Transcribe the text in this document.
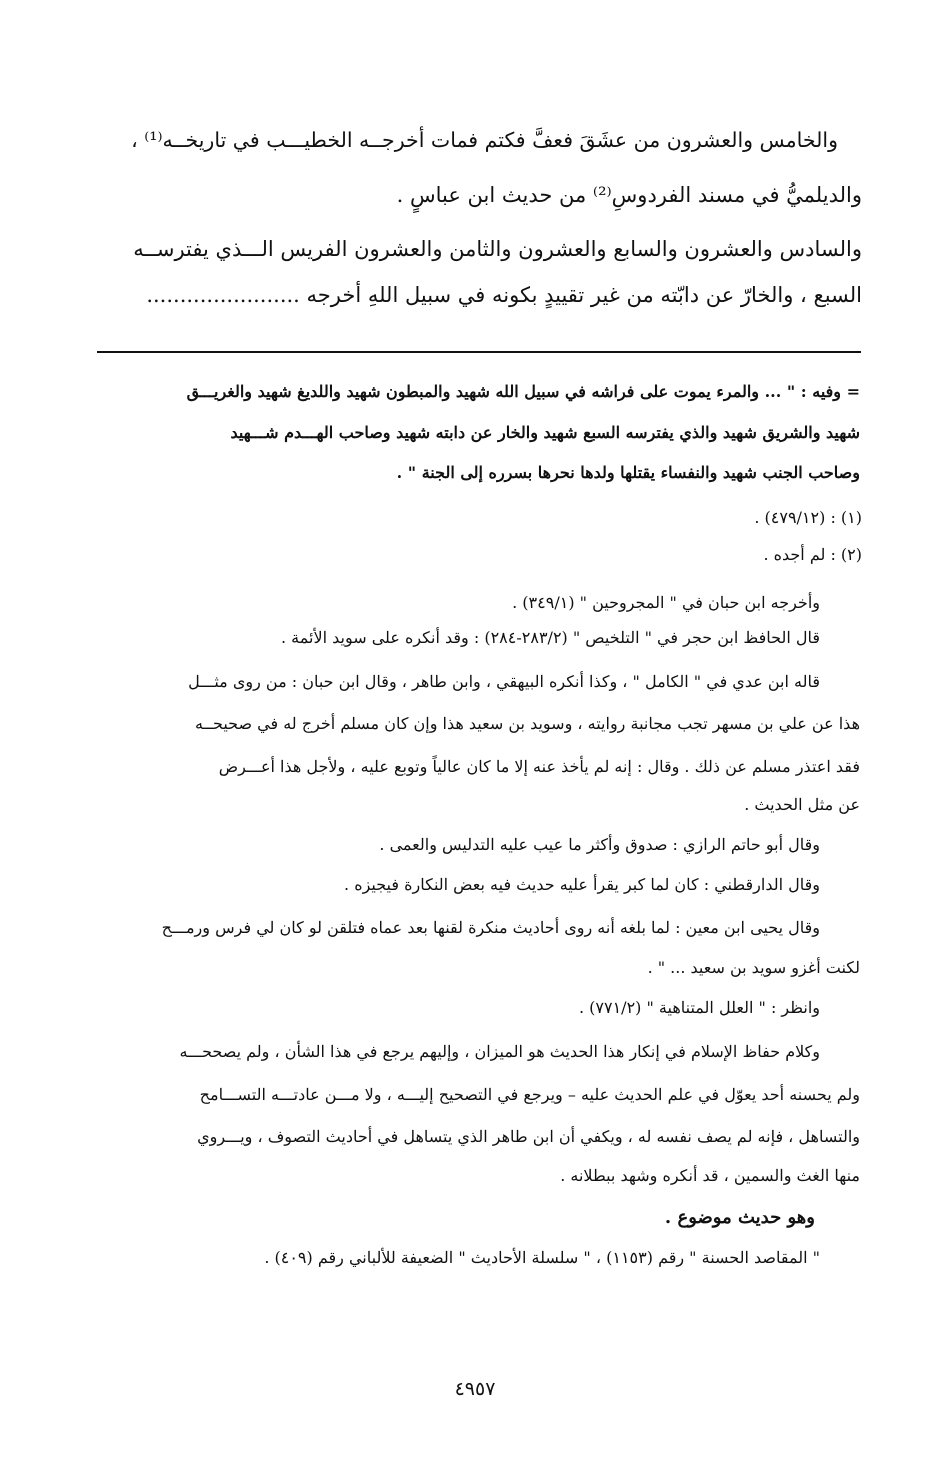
والخامس والعشرون من عشَقَ فعفَّ فكتم فمات أخرجــه الخطيـــب في تاريخــه⁽¹⁾ ،
والديلميُّ في مسند الفردوسِ⁽²⁾ من حديث ابن عباسٍ .
والسادس والعشرون والسابع والعشرون والثامن والعشرون الفريس الـــذي يفترســه
السبع ، والخارّ عن دابّته من غير تقييدٍ بكونه في سبيل اللهِ أخرجه .......................
= وفيه : " ... والمرء يموت على فراشه في سبيل الله شهيد والمبطون شهيد واللديغ شهيد والغريـــق
شهيد والشريق شهيد والذي يفترسه السبع شهيد والخار عن دابته شهيد وصاحب الهـــدم شـــهيد
وصاحب الجنب شهيد والنفساء يقتلها ولدها نحرها بسرره إلى الجنة " .
(١) : (٤٧٩/١٢) .
(٢) : لم أجده .
وأخرجه ابن حبان في " المجروحين " (٣٤٩/١) .
قال الحافظ ابن حجر في " التلخيص " (٢٨٣/٢-٢٨٤) : وقد أنكره على سويد الأئمة .
قاله ابن عدي في " الكامل " ، وكذا أنكره البيهقي ، وابن طاهر ، وقال ابن حبان : من روى مثـــل
هذا عن علي بن مسهر تجب مجانبة روايته ، وسويد بن سعيد هذا وإن كان مسلم أخرج له في صحيحــه
فقد اعتذر مسلم عن ذلك . وقال : إنه لم يأخذ عنه إلا ما كان عالياً وتوبع عليه ، ولأجل هذا أعـــرض
عن مثل الحديث .
وقال أبو حاتم الرازي : صدوق وأكثر ما عيب عليه التدليس والعمى .
وقال الدارقطني : كان لما كبر يقرأ عليه حديث فيه بعض النكارة فيجيزه .
وقال يحيى ابن معين : لما بلغه أنه روى أحاديث منكرة لقنها بعد عماه فتلقن لو كان لي فرس ورمـــح
لكنت أغزو سويد بن سعيد ... " .
وانظر : " العلل المتناهية " (٧٧١/٢) .
وكلام حفاظ الإسلام في إنكار هذا الحديث هو الميزان ، وإليهم يرجع في هذا الشأن ، ولم يصححـــه
ولم يحسنه أحد يعوّل في علم الحديث عليه – ويرجع في التصحيح إليـــه ، ولا مـــن عادتـــه التســـامح
والتساهل ، فإنه لم يصف نفسه له ، ويكفي أن ابن طاهر الذي يتساهل في أحاديث التصوف ، ويـــروي
منها الغث والسمين ، قد أنكره وشهد ببطلانه .
وهو حديث موضوع .
" المقاصد الحسنة " رقم (١١٥٣) ، " سلسلة الأحاديث " الضعيفة للألباني رقم (٤٠٩) .
٤٩٥٧
